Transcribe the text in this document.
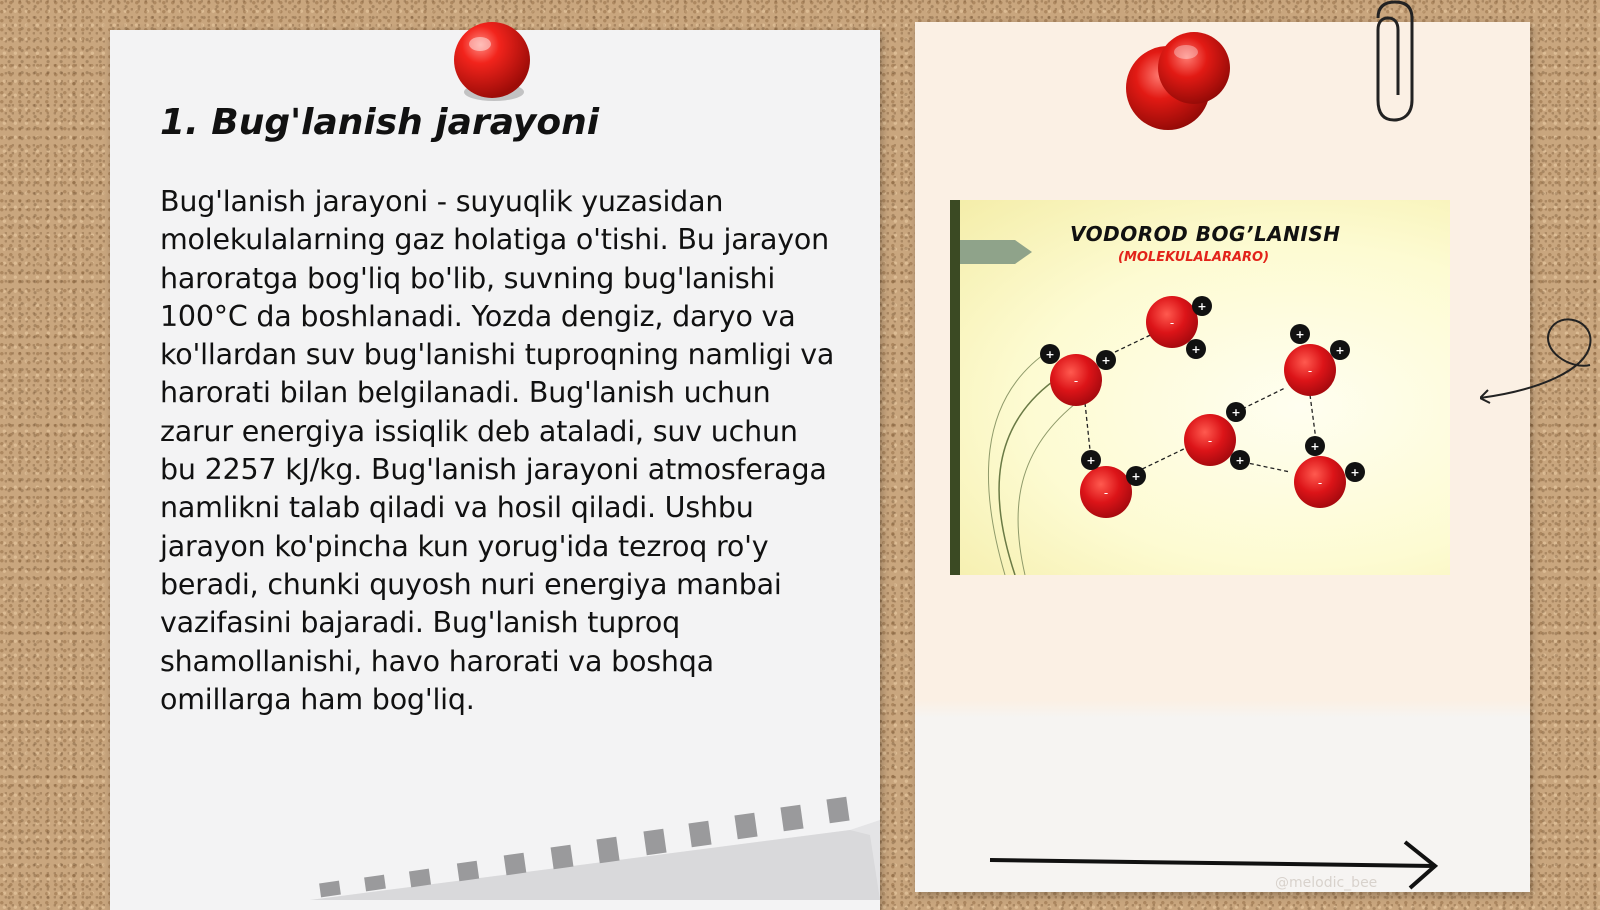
1. Bug'lanish jarayoni

Bug'lanish jarayoni - suyuqlik yuzasidan molekulalarning gaz holatiga o'tishi. Bu jarayon haroratga bog'liq bo'lib, suvning bug'lanishi 100°C da boshlanadi. Yozda dengiz, daryo va ko'llardan suv bug'lanishi tuproqning namligi va harorati bilan belgilanadi. Bug'lanish uchun zarur energiya issiqlik deb ataladi, suv uchun bu 2257 kJ/kg. Bug'lanish jarayoni atmosferaga namlikni talab qiladi va hosil qiladi. Ushbu jarayon ko'pincha kun yorug'ida tezroq ro'y beradi, chunki quyosh nuri energiya manbai vazifasini bajaradi. Bug'lanish tuproq shamollanishi, havo harorati va boshqa omillarga ham bog'liq.

VODOROD BOG’LANISH

(MOLEKULALARARO)

-
+
+
-
+	+
-
+
+
-
+
+
-
+
+	-
+
+
@melodic_bee
